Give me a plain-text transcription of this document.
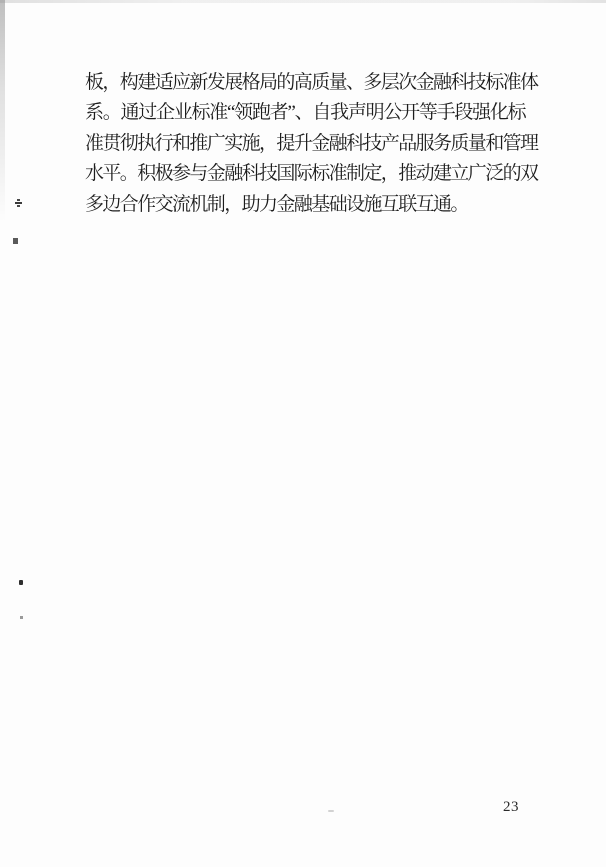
板，构建适应新发展格局的高质量、多层次金融科技标准体
系。通过企业标准“领跑者”、自我声明公开等手段强化标
准贯彻执行和推广实施，提升金融科技产品服务质量和管理
水平。积极参与金融科技国际标准制定，推动建立广泛的双
多边合作交流机制，助力金融基础设施互联互通。
23
